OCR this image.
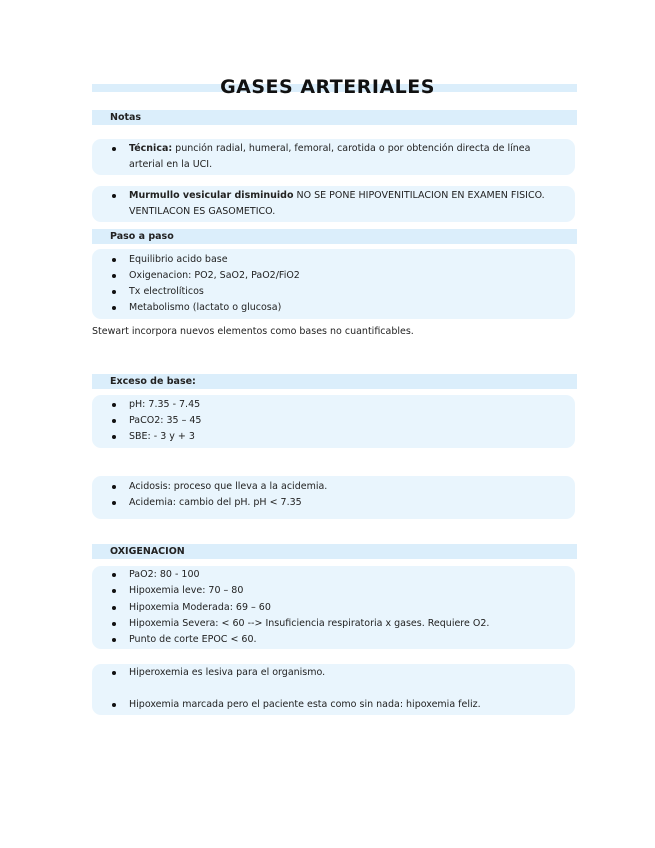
GASES ARTERIALES
Notas
Técnica: punción radial, humeral, femoral, carotida o por obtención directa de línea arterial en la UCI.
Murmullo vesicular disminuido NO SE PONE HIPOVENITILACION EN EXAMEN FISICO. VENTILACON ES GASOMETICO.
Paso a paso
Equilibrio acido base
Oxigenacion: PO2, SaO2, PaO2/FiO2
Tx electrolíticos
Metabolismo (lactato o glucosa)
Stewart incorpora nuevos elementos como bases no cuantificables.
Exceso de base:
pH: 7.35 - 7.45
PaCO2: 35 – 45
SBE: - 3 y + 3
Acidosis: proceso que lleva a la acidemia.
Acidemia: cambio del pH. pH < 7.35
OXIGENACION
PaO2: 80 - 100
Hipoxemia leve: 70 – 80
Hipoxemia Moderada: 69 – 60
Hipoxemia Severa: < 60 --> Insuficiencia respiratoria x gases. Requiere O2.
Punto de corte EPOC < 60.
Hiperoxemia es lesiva para el organismo.
Hipoxemia marcada pero el paciente esta como sin nada: hipoxemia feliz.
